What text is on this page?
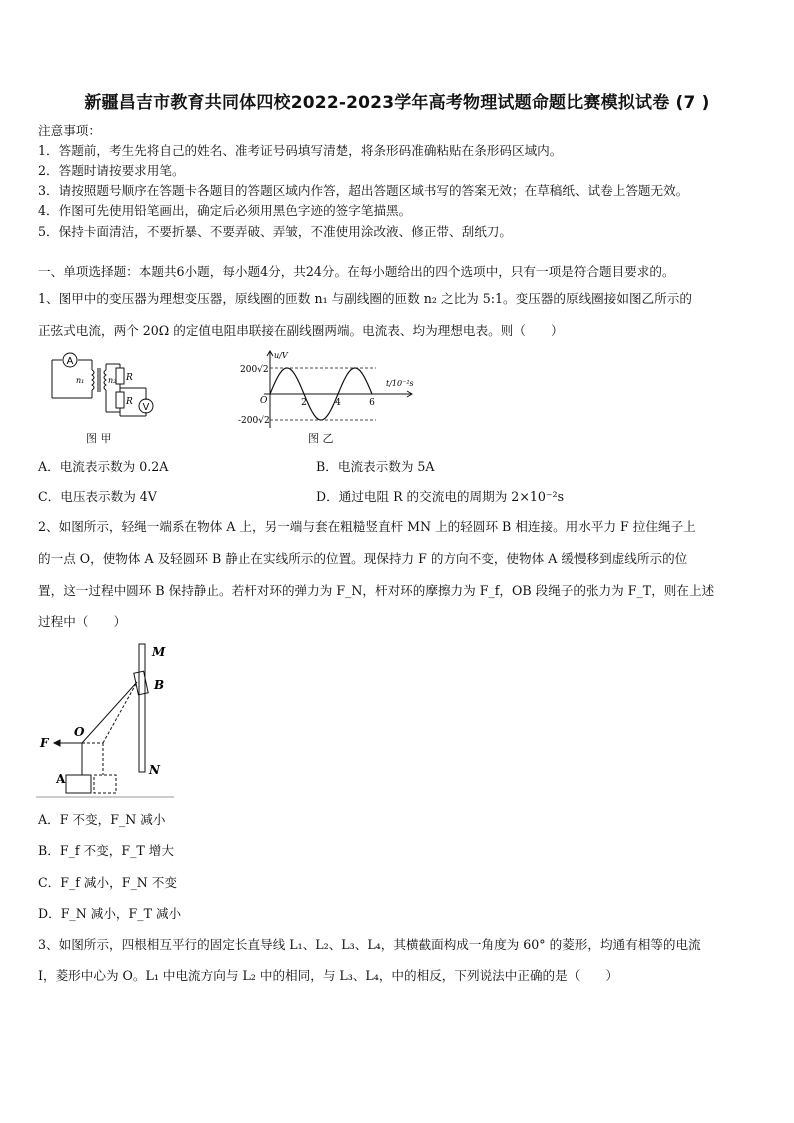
新疆昌吉市教育共同体四校2022-2023学年高考物理试题命题比赛模拟试卷 (7 )
注意事项：
1．答题前，考生先将自己的姓名、准考证号码填写清楚，将条形码准确粘贴在条形码区域内。
2．答题时请按要求用笔。
3．请按照题号顺序在答题卡各题目的答题区域内作答，超出答题区域书写的答案无效；在草稿纸、试卷上答题无效。
4．作图可先使用铅笔画出，确定后必须用黑色字迹的签字笔描黑。
5．保持卡面清洁，不要折暴、不要弄破、弄皱，不准使用涂改液、修正带、刮纸刀。
一、单项选择题：本题共6小题，每小题4分，共24分。在每小题给出的四个选项中，只有一项是符合题目要求的。
1、图甲中的变压器为理想变压器，原线圈的匝数 n₁ 与副线圈的匝数 n₂ 之比为 5:1。变压器的原线圈接如图乙所示的
正弦式电流，两个 20Ω 的定值电阻串联接在副线圈两端。电流表、均为理想电表。则（　　）
A
V
n₁	n₂ R
R
图 甲
200√2
-200√2
u/V
t/10⁻²s
O	2	4	6
图 乙
A．电流表示数为 0.2A	B．电流表示数为 5A
C．电压表示数为 4V	D．通过电阻 R 的交流电的周期为 2×10⁻²s
2、如图所示，轻绳一端系在物体 A 上，另一端与套在粗糙竖直杆 MN 上的轻圆环 B 相连接。用水平力 F 拉住绳子上
的一点 O，使物体 A 及轻圆环 B 静止在实线所示的位置。现保持力 F 的方向不变，使物体 A 缓慢移到虚线所示的位
置，这一过程中圆环 B 保持静止。若杆对环的弹力为 F_N，杆对环的摩擦力为 F_f，OB 段绳子的张力为 F_T，则在上述
过程中（　　）
M
B
O
F
A
N
A．F 不变，F_N 减小
B．F_f 不变，F_T 增大
C．F_f 减小，F_N 不变
D．F_N 减小，F_T 减小
3、如图所示，四根相互平行的固定长直导线 L₁、L₂、L₃、L₄，其横截面构成一角度为 60° 的菱形，均通有相等的电流
I，菱形中心为 O。L₁ 中电流方向与 L₂ 中的相同，与 L₃、L₄，中的相反，下列说法中正确的是（　　）
